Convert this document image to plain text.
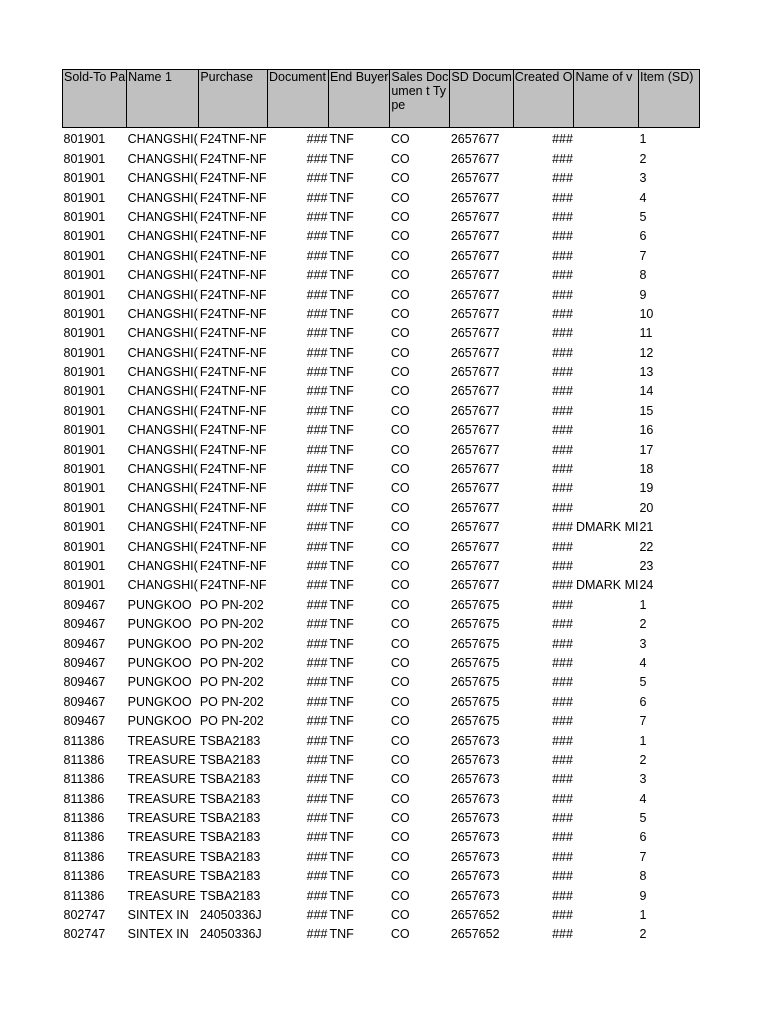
Sold-To Pa	Name 1	Purchase	Document	End Buyer	Sales Documen t Type	SD Docum	Created O	Name of v	Item (SD)

801901	CHANGSHI(	F24TNF-NF	###	TNF	CO	2657677	###		1
801901	CHANGSHI(	F24TNF-NF	###	TNF	CO	2657677	###		2
801901	CHANGSHI(	F24TNF-NF	###	TNF	CO	2657677	###		3
801901	CHANGSHI(	F24TNF-NF	###	TNF	CO	2657677	###		4
801901	CHANGSHI(	F24TNF-NF	###	TNF	CO	2657677	###		5
801901	CHANGSHI(	F24TNF-NF	###	TNF	CO	2657677	###		6
801901	CHANGSHI(	F24TNF-NF	###	TNF	CO	2657677	###		7
801901	CHANGSHI(	F24TNF-NF	###	TNF	CO	2657677	###		8
801901	CHANGSHI(	F24TNF-NF	###	TNF	CO	2657677	###		9
801901	CHANGSHI(	F24TNF-NF	###	TNF	CO	2657677	###		10
801901	CHANGSHI(	F24TNF-NF	###	TNF	CO	2657677	###		11
801901	CHANGSHI(	F24TNF-NF	###	TNF	CO	2657677	###		12
801901	CHANGSHI(	F24TNF-NF	###	TNF	CO	2657677	###		13
801901	CHANGSHI(	F24TNF-NF	###	TNF	CO	2657677	###		14
801901	CHANGSHI(	F24TNF-NF	###	TNF	CO	2657677	###		15
801901	CHANGSHI(	F24TNF-NF	###	TNF	CO	2657677	###		16
801901	CHANGSHI(	F24TNF-NF	###	TNF	CO	2657677	###		17
801901	CHANGSHI(	F24TNF-NF	###	TNF	CO	2657677	###		18
801901	CHANGSHI(	F24TNF-NF	###	TNF	CO	2657677	###		19
801901	CHANGSHI(	F24TNF-NF	###	TNF	CO	2657677	###		20
801901	CHANGSHI(	F24TNF-NF	###	TNF	CO	2657677	###	DMARK MI	21
801901	CHANGSHI(	F24TNF-NF	###	TNF	CO	2657677	###		22
801901	CHANGSHI(	F24TNF-NF	###	TNF	CO	2657677	###		23
801901	CHANGSHI(	F24TNF-NF	###	TNF	CO	2657677	###	DMARK MI	24
809467	PUNGKOO	PO PN-202	###	TNF	CO	2657675	###		1
809467	PUNGKOO	PO PN-202	###	TNF	CO	2657675	###		2
809467	PUNGKOO	PO PN-202	###	TNF	CO	2657675	###		3
809467	PUNGKOO	PO PN-202	###	TNF	CO	2657675	###		4
809467	PUNGKOO	PO PN-202	###	TNF	CO	2657675	###		5
809467	PUNGKOO	PO PN-202	###	TNF	CO	2657675	###		6
809467	PUNGKOO	PO PN-202	###	TNF	CO	2657675	###		7
811386	TREASURE	TSBA2183	###	TNF	CO	2657673	###		1
811386	TREASURE	TSBA2183	###	TNF	CO	2657673	###		2
811386	TREASURE	TSBA2183	###	TNF	CO	2657673	###		3
811386	TREASURE	TSBA2183	###	TNF	CO	2657673	###		4
811386	TREASURE	TSBA2183	###	TNF	CO	2657673	###		5
811386	TREASURE	TSBA2183	###	TNF	CO	2657673	###		6
811386	TREASURE	TSBA2183	###	TNF	CO	2657673	###		7
811386	TREASURE	TSBA2183	###	TNF	CO	2657673	###		8
811386	TREASURE	TSBA2183	###	TNF	CO	2657673	###		9
802747	SINTEX IN	24050336J	###	TNF	CO	2657652	###		1
802747	SINTEX IN	24050336J	###	TNF	CO	2657652	###		2
